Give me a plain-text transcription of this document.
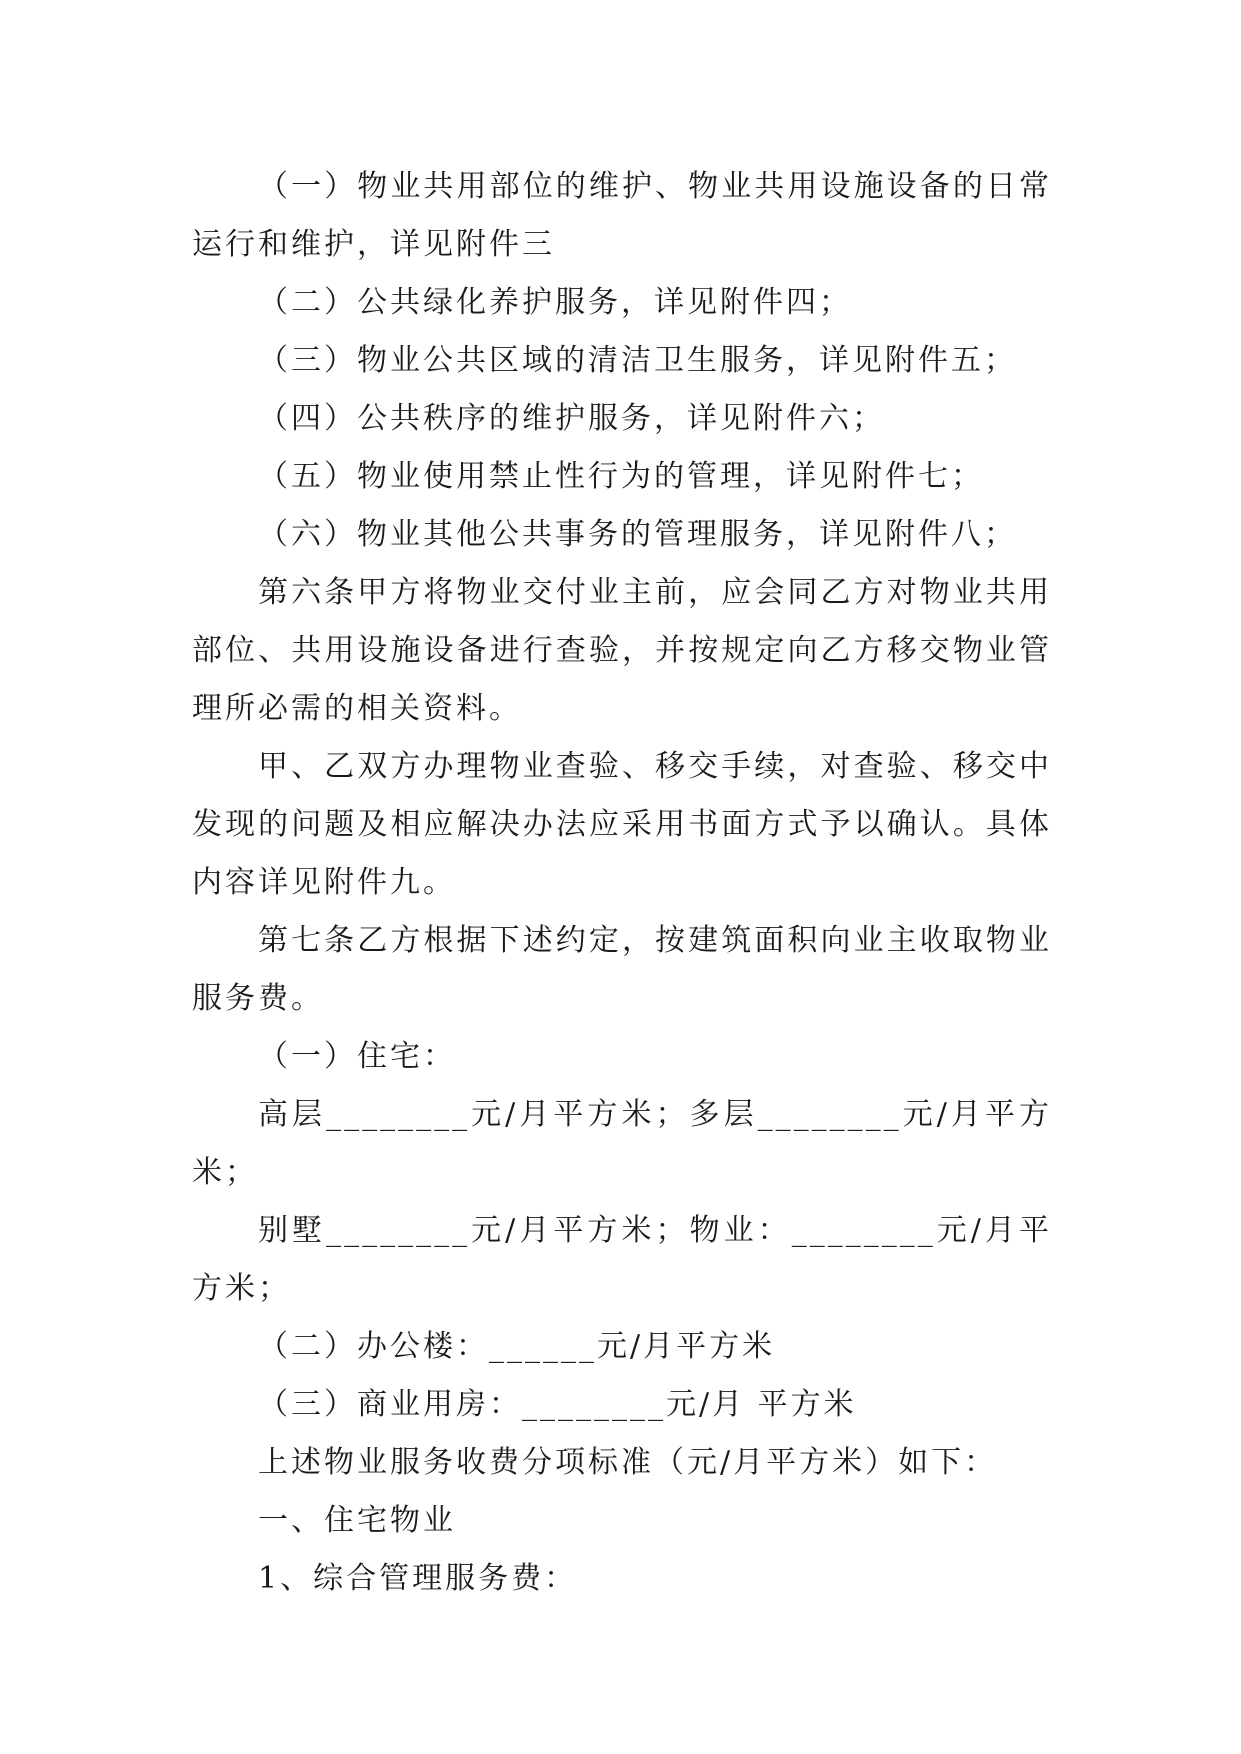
（一）物业共用部位的维护、物业共用设施设备的日常运行和维护，详见附件三

（二）公共绿化养护服务，详见附件四；

（三）物业公共区域的清洁卫生服务，详见附件五；

（四）公共秩序的维护服务，详见附件六；

（五）物业使用禁止性行为的管理，详见附件七；

（六）物业其他公共事务的管理服务，详见附件八；

第六条甲方将物业交付业主前，应会同乙方对物业共用部位、共用设施设备进行查验，并按规定向乙方移交物业管理所必需的相关资料。

甲、乙双方办理物业查验、移交手续，对查验、移交中发现的问题及相应解决办法应采用书面方式予以确认。具体内容详见附件九。

第七条乙方根据下述约定，按建筑面积向业主收取物业服务费。

（一）住宅：

高层________元/月平方米；多层________元/月平方米；

别墅________元/月平方米；物业：________元/月平方米；

（二）办公楼：______元/月平方米

（三）商业用房：________元/月 平方米

上述物业服务收费分项标准（元/月平方米）如下：

一、住宅物业

1、综合管理服务费：
